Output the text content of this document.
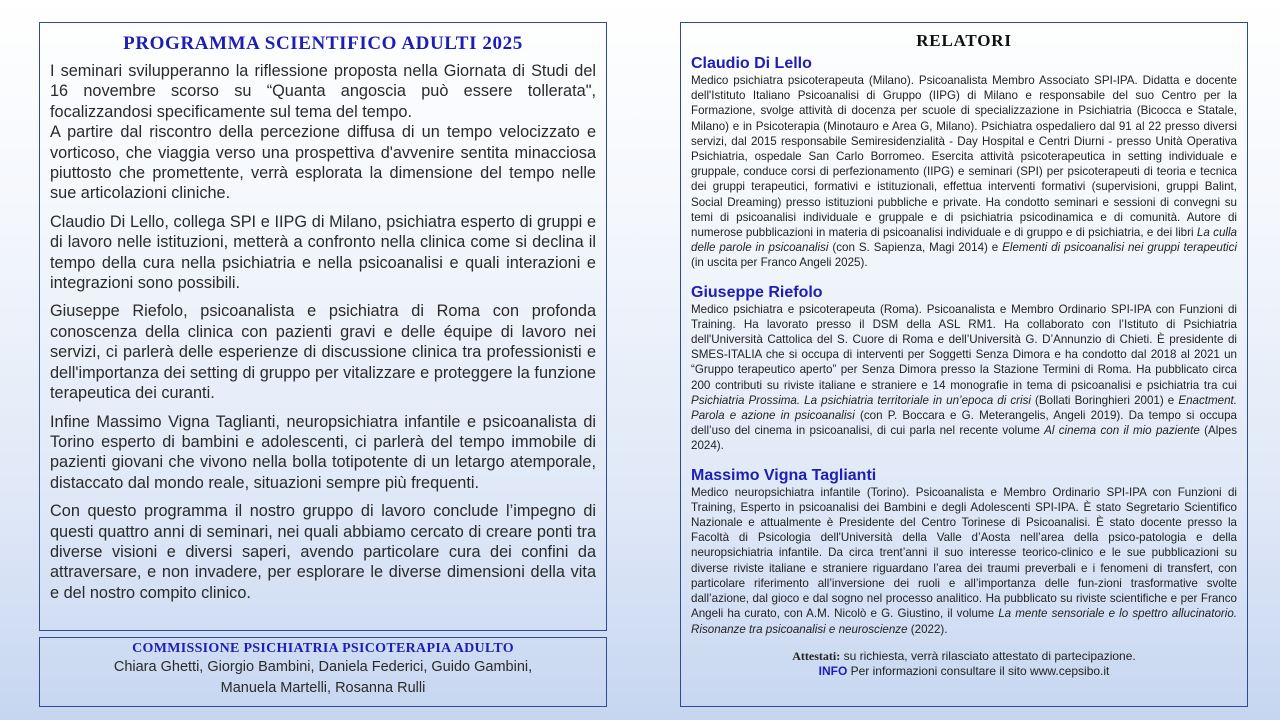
PROGRAMMA SCIENTIFICO ADULTI 2025

I seminari svilupperanno la riflessione proposta nella Giornata di Studi del 16 novembre scorso su “Quanta angoscia può essere tollerata", focalizzandosi specificamente sul tema del tempo.

A partire dal riscontro della percezione diffusa di un tempo velocizzato e vorticoso, che viaggia verso una prospettiva d'avvenire sentita minacciosa piuttosto che promettente, verrà esplorata la dimensione del tempo nelle sue articolazioni cliniche.

Claudio Di Lello, collega SPI e IIPG di Milano, psichiatra esperto di gruppi e di lavoro nelle istituzioni, metterà a confronto nella clinica come si declina il tempo della cura nella psichiatria e nella psicoanalisi e quali interazioni e integrazioni sono possibili.

Giuseppe Riefolo, psicoanalista e psichiatra di Roma con profonda conoscenza della clinica con pazienti gravi e delle équipe di lavoro nei servizi, ci parlerà delle esperienze di discussione clinica tra professionisti e dell'importanza dei setting di gruppo per vitalizzare e proteggere la funzione terapeutica dei curanti.

Infine Massimo Vigna Taglianti, neuropsichiatra infantile e psicoanalista di Torino esperto di bambini e adolescenti, ci parlerà del tempo immobile di pazienti giovani che vivono nella bolla totipotente di un letargo atemporale, distaccato dal mondo reale, situazioni sempre più frequenti.

Con questo programma il nostro gruppo di lavoro conclude l’impegno di questi quattro anni di seminari, nei quali abbiamo cercato di creare ponti tra diverse visioni e diversi saperi, avendo particolare cura dei confini da attraversare, e non invadere, per esplorare le diverse dimensioni della vita e del nostro compito clinico.

COMMISSIONE PSICHIATRIA PSICOTERAPIA ADULTO
Chiara Ghetti, Giorgio Bambini, Daniela Federici, Guido Gambini,
Manuela Martelli, Rosanna Rulli
RELATORI
Claudio Di Lello

Medico psichiatra psicoterapeuta (Milano). Psicoanalista Membro Associato SPI-IPA. Didatta e docente dell'Istituto Italiano Psicoanalisi di Gruppo (IIPG) di Milano e responsabile del suo Centro per la Formazione, svolge attività di docenza per scuole di specializzazione in Psichiatria (Bicocca e Statale, Milano) e in Psicoterapia (Minotauro e Area G, Milano). Psichiatra ospedaliero dal 91 al 22 presso diversi servizi, dal 2015 responsabile Semiresidenzialità - Day Hospital e Centri Diurni - presso Unità Operativa Psichiatria, ospedale San Carlo Borromeo. Esercita attività psicoterapeutica in setting individuale e gruppale, conduce corsi di perfezionamento (IIPG) e seminari (SPI) per psicoterapeuti di teoria e tecnica dei gruppi terapeutici, formativi e istituzionali, effettua interventi formativi (supervisioni, gruppi Balint, Social Dreaming) presso istituzioni pubbliche e private. Ha condotto seminari e sessioni di convegni su temi di psicoanalisi individuale e gruppale e di psichiatria psicodinamica e di comunità. Autore di numerose pubblicazioni in materia di psicoanalisi individuale e di gruppo e di psichiatria, e dei libri La culla delle parole in psicoanalisi (con S. Sapienza, Magi 2014) e Elementi di psicoanalisi nei gruppi terapeutici (in uscita per Franco Angeli 2025).

Giuseppe Riefolo

Medico psichiatra e psicoterapeuta (Roma). Psicoanalista e Membro Ordinario SPI-IPA con Funzioni di Training. Ha lavorato presso il DSM della ASL RM1. Ha collaborato con l’Istituto di Psichiatria dell'Università Cattolica del S. Cuore di Roma e dell’Università G. D’Annunzio di Chieti. È presidente di SMES-ITALIA che si occupa di interventi per Soggetti Senza Dimora e ha condotto dal 2018 al 2021 un “Gruppo terapeutico aperto” per Senza Dimora presso la Stazione Termini di Roma. Ha pubblicato circa 200 contributi su riviste italiane e straniere e 14 monografie in tema di psicoanalisi e psichiatria tra cui Psichiatria Prossima. La psichiatria territoriale in un’epoca di crisi (Bollati Boringhieri 2001) e Enactment. Parola e azione in psicoanalisi (con P. Boccara e G. Meterangelis, Angeli 2019). Da tempo si occupa dell’uso del cinema in psicoanalisi, di cui parla nel recente volume Al cinema con il mio paziente (Alpes 2024).

Massimo Vigna Taglianti

Medico neuropsichiatra infantile (Torino). Psicoanalista e Membro Ordinario SPI-IPA con Funzioni di Training, Esperto in psicoanalisi dei Bambini e degli Adolescenti SPI-IPA. È stato Segretario Scientifico Nazionale e attualmente è Presidente del Centro Torinese di Psicoanalisi. È stato docente presso la Facoltà di Psicologia dell'Università della Valle d’Aosta nell’area della psico-patologia e della neuropsichiatria infantile. Da circa trent’anni il suo interesse teorico-clinico e le sue pubblicazioni su diverse riviste italiane e straniere riguardano l’area dei traumi preverbali e i fenomeni di transfert, con particolare riferimento all’inversione dei ruoli e all’importanza delle fun-zioni trasformative svolte dall’azione, dal gioco e dal sogno nel processo analitico. Ha pubblicato su riviste scientifiche e per Franco Angeli ha curato, con A.M. Nicolò e G. Giustino, il volume La mente sensoriale e lo spettro allucinatorio. Risonanze tra psicoanalisi e neuroscienze (2022).

Attestati: su richiesta, verrà rilasciato attestato di partecipazione.
INFO Per informazioni consultare il sito www.cepsibo.it
